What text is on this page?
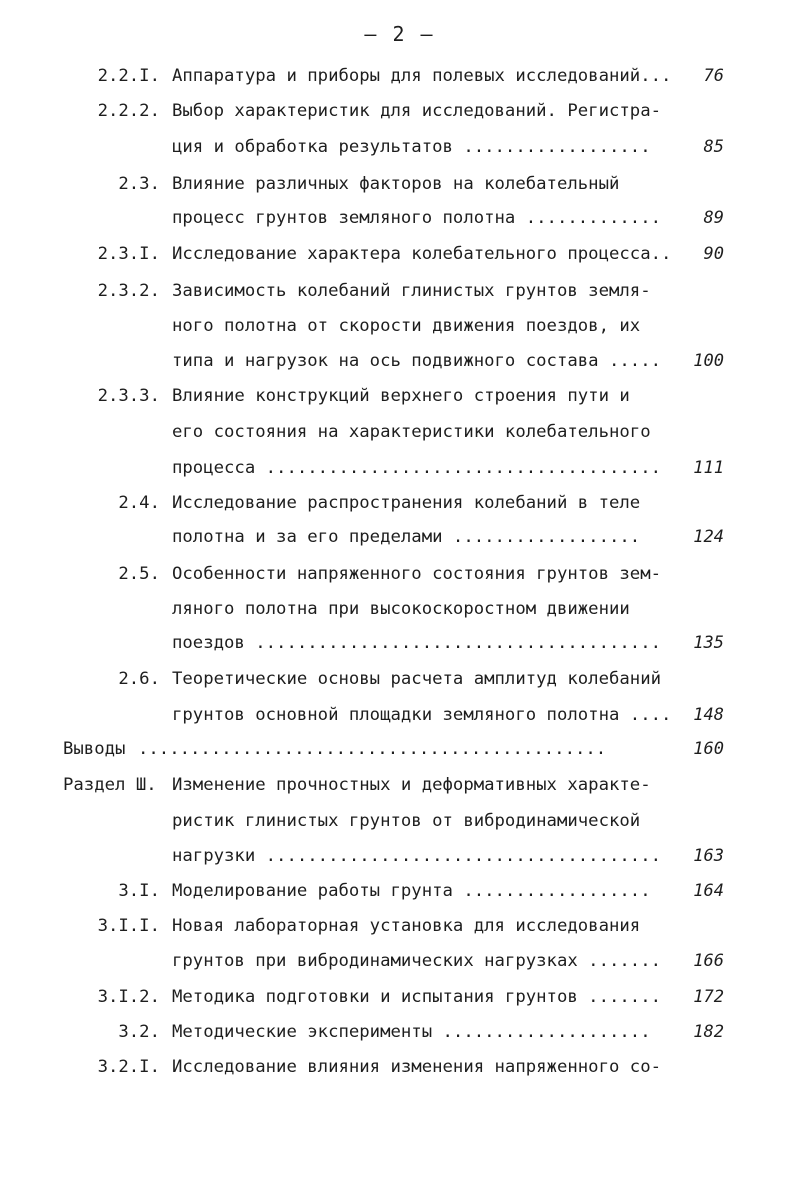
— 2 —
2.2.I. Аппаратура и приборы для полевых исследований... 76
2.2.2. Выбор характеристик для исследований. Регистра-
ция и обработка результатов ..................	85
2.3. Влияние различных факторов на колебательный
процесс грунтов земляного полотна .............	89
2.3.I. Исследование характера колебательного процесса.. 90
2.3.2. Зависимость колебаний глинистых грунтов земля-
ного полотна от скорости движения поездов, их
типа и нагрузок на ось подвижного состава ..... 100
2.3.3. Влияние конструкций верхнего строения пути и
его состояния на характеристики колебательного
процесса ...................................... 111
2.4. Исследование распространения колебаний в теле
полотна и за его пределами ..................	124
2.5. Особенности напряженного состояния грунтов зем-
ляного полотна при высокоскоростном движении
поездов ....................................... 135
2.6. Теоретические основы расчета амплитуд колебаний
грунтов основной площадки земляного полотна .... 148
Выводы .............................................	160
Раздел Ш. Изменение прочностных и деформативных характе-
ристик глинистых грунтов от вибродинамической
нагрузки ...................................... 163
3.I. Моделирование работы грунта ..................	164
3.I.I. Новая лабораторная установка для исследования
грунтов при вибродинамических нагрузках ....... 166
3.I.2. Методика подготовки и испытания грунтов ....... 172
3.2. Методические эксперименты ....................	182
3.2.I. Исследование влияния изменения напряженного со-
